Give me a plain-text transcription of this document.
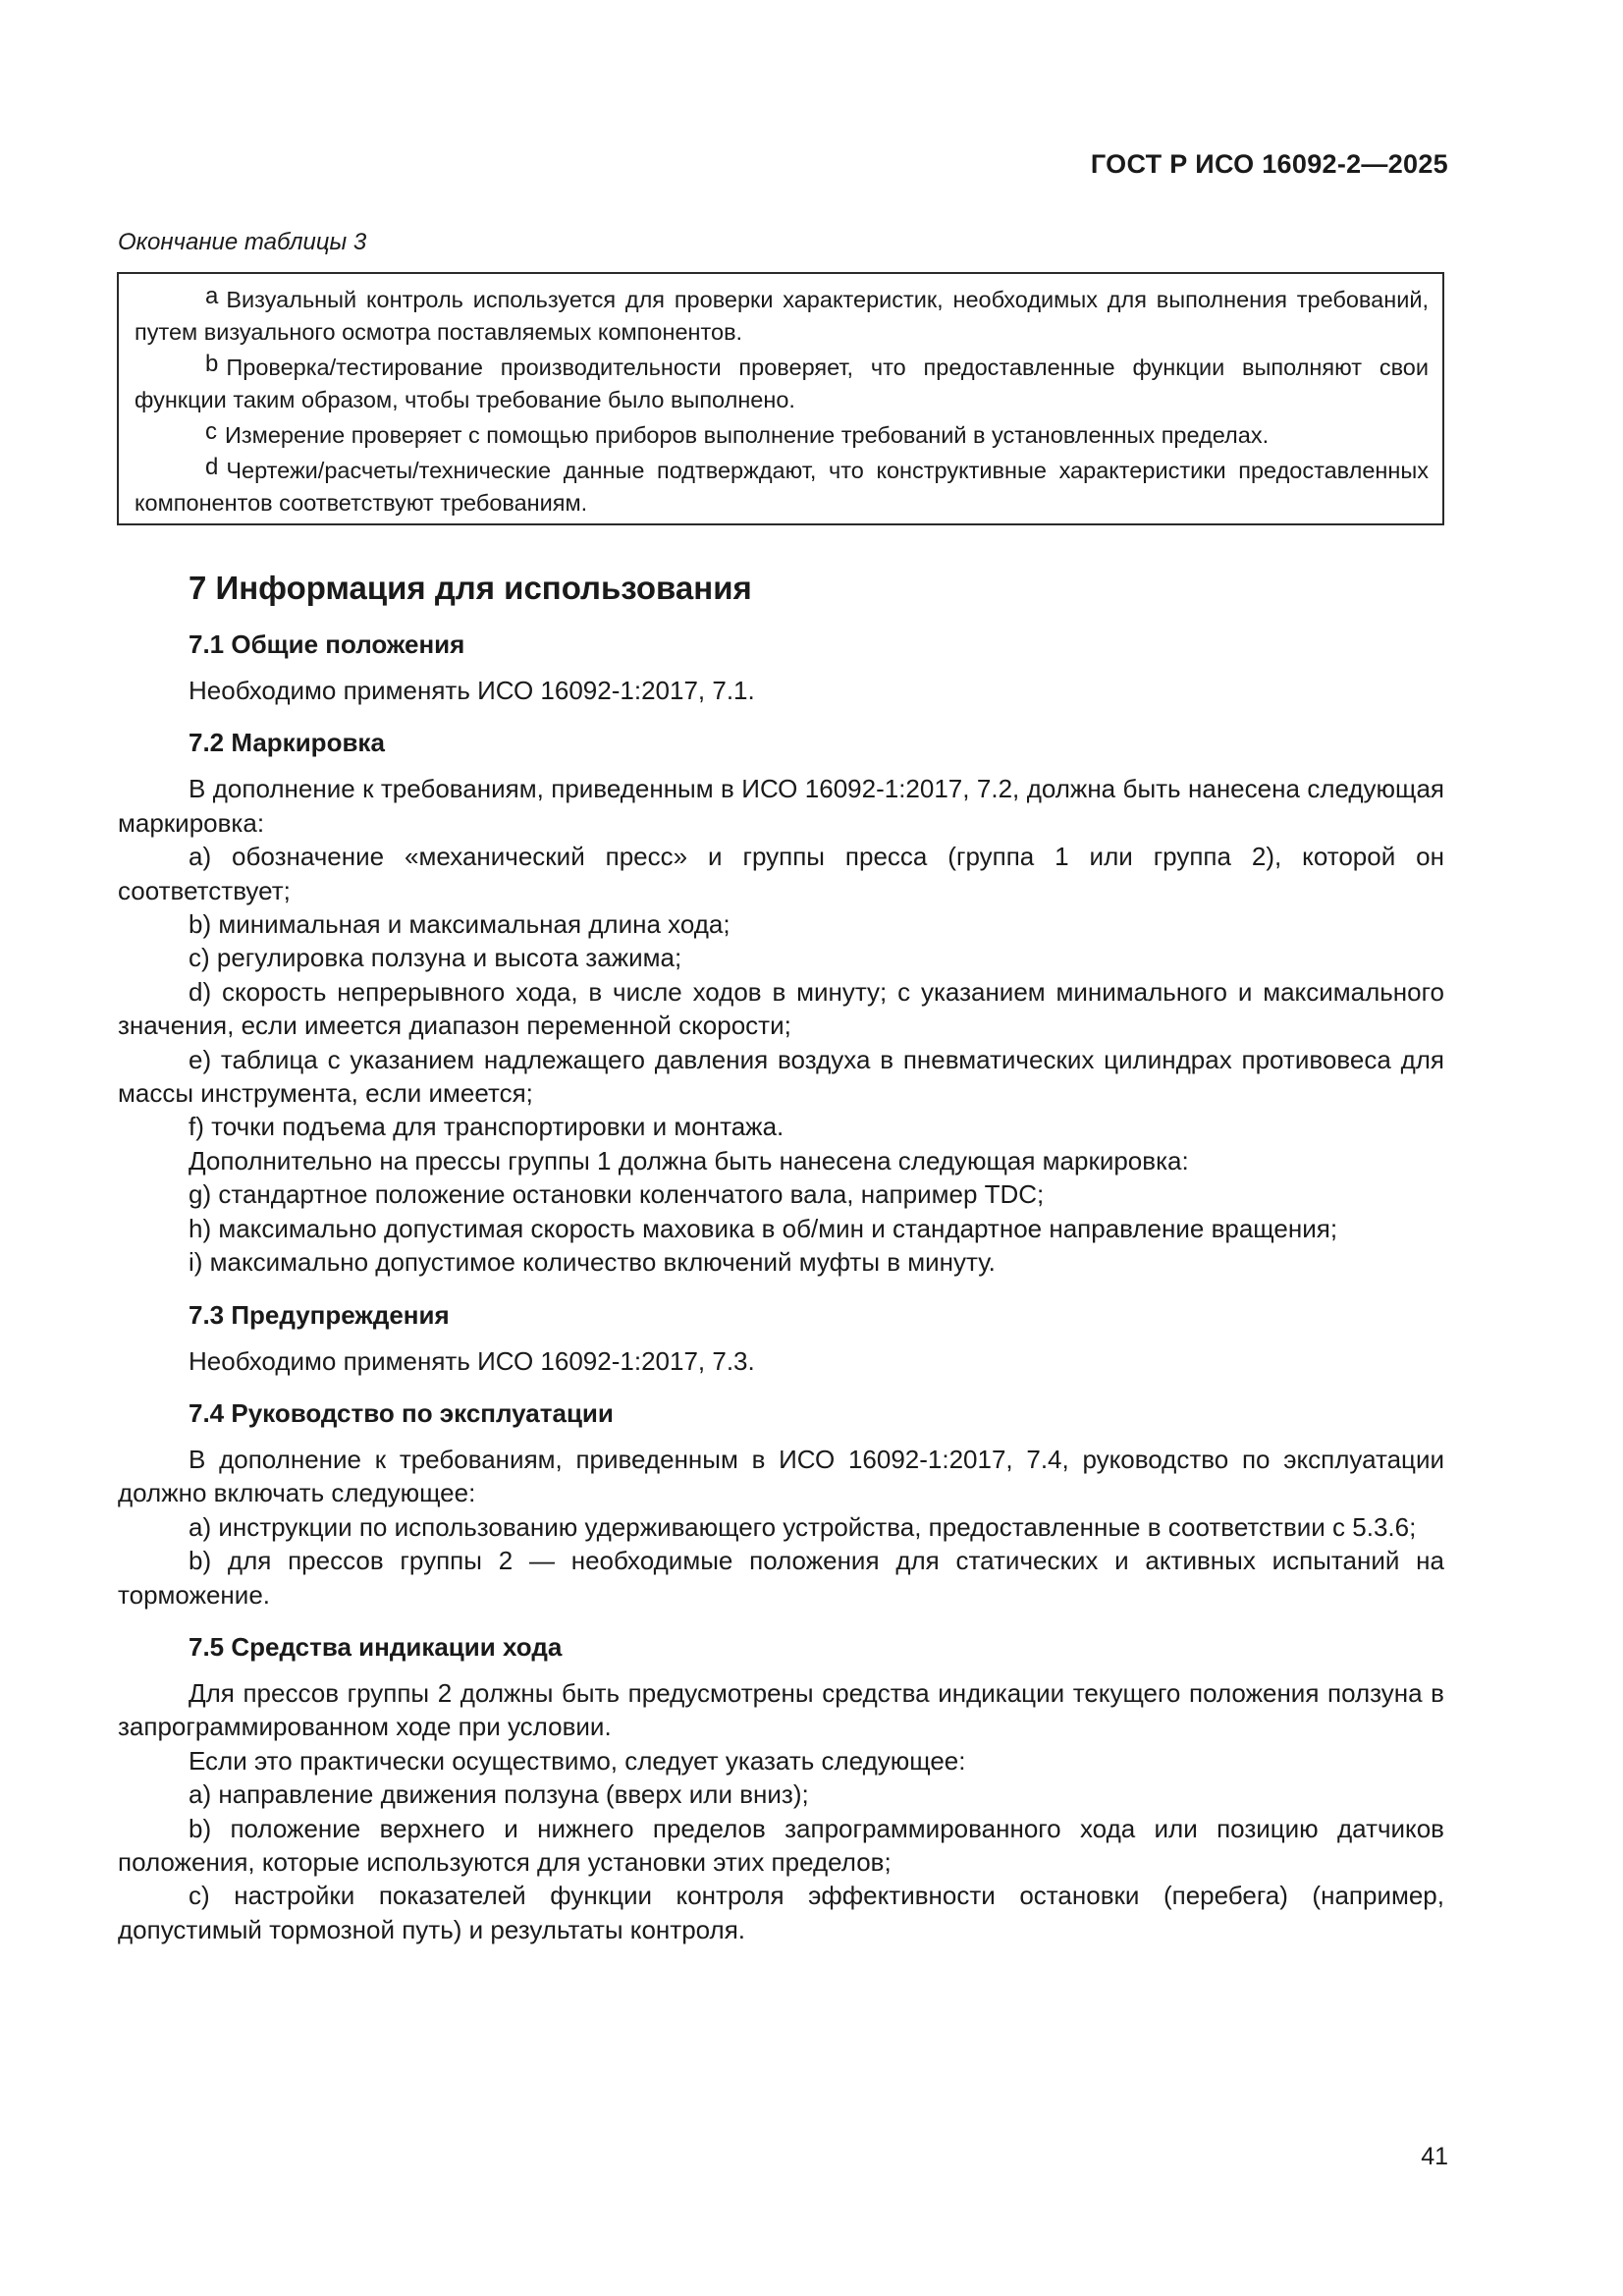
ГОСТ Р ИСО 16092-2—2025
Окончание таблицы 3

a Визуальный контроль используется для проверки характеристик, необходимых для выполнения требований, путем визуального осмотра поставляемых компонентов.

b Проверка/тестирование производительности проверяет, что предоставленные функции выполняют свои функции таким образом, чтобы требование было выполнено.

c Измерение проверяет с помощью приборов выполнение требований в установленных пределах.

d Чертежи/расчеты/технические данные подтверждают, что конструктивные характеристики предоставленных компонентов соответствуют требованиям.

7 Информация для использования
7.1 Общие положения

Необходимо применять ИСО 16092-1:2017, 7.1.

7.2 Маркировка

В дополнение к требованиям, приведенным в ИСО 16092-1:2017, 7.2, должна быть нанесена следующая маркировка:

a) обозначение «механический пресс» и группы пресса (группа 1 или группа 2), которой он соответствует;

b) минимальная и максимальная длина хода;

c) регулировка ползуна и высота зажима;

d) скорость непрерывного хода, в числе ходов в минуту; с указанием минимального и максимального значения, если имеется диапазон переменной скорости;

e) таблица с указанием надлежащего давления воздуха в пневматических цилиндрах противовеса для массы инструмента, если имеется;

f) точки подъема для транспортировки и монтажа.

Дополнительно на прессы группы 1 должна быть нанесена следующая маркировка:

g) стандартное положение остановки коленчатого вала, например TDC;

h) максимально допустимая скорость маховика в об/мин и стандартное направление вращения;

i) максимально допустимое количество включений муфты в минуту.

7.3 Предупреждения

Необходимо применять ИСО 16092-1:2017, 7.3.

7.4 Руководство по эксплуатации

В дополнение к требованиям, приведенным в ИСО 16092-1:2017, 7.4, руководство по эксплуатации должно включать следующее:

a) инструкции по использованию удерживающего устройства, предоставленные в соответствии с 5.3.6;

b) для прессов группы 2 — необходимые положения для статических и активных испытаний на торможение.

7.5 Средства индикации хода

Для прессов группы 2 должны быть предусмотрены средства индикации текущего положения ползуна в запрограммированном ходе при условии.

Если это практически осуществимо, следует указать следующее:

a) направление движения ползуна (вверх или вниз);

b) положение верхнего и нижнего пределов запрограммированного хода или позицию датчиков положения, которые используются для установки этих пределов;

c) настройки показателей функции контроля эффективности остановки (перебега) (например, допустимый тормозной путь) и результаты контроля.

41
